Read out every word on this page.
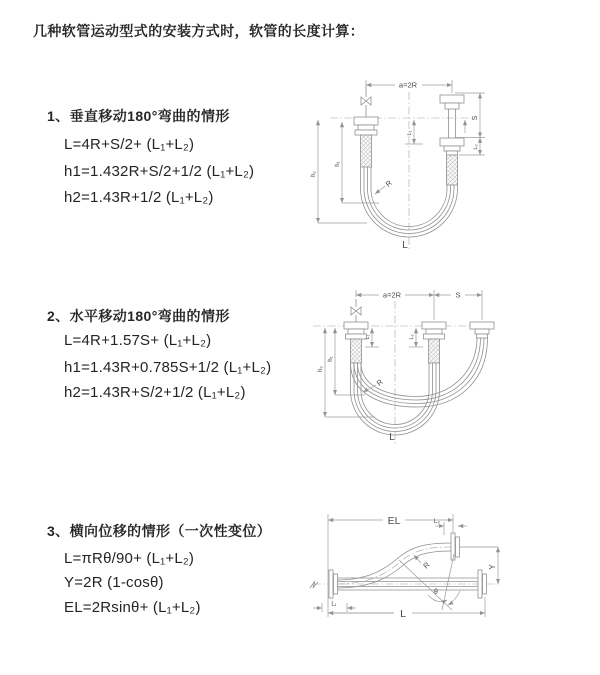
几种软管运动型式的安装方式时，软管的长度计算：
1、垂直移动180°弯曲的情形
L=4R+S/2+ (L₁+L₂)
h1=1.432R+S/2+1/2 (L₁+L₂)
h2=1.43R+1/2 (L₁+L₂)
2、水平移动180°弯曲的情形
L=4R+1.57S+ (L₁+L₂)
h1=1.43R+0.785S+1/2 (L₁+L₂)
h2=1.43R+S/2+1/2 (L₁+L₂)
3、横向位移的情形（一次性变位）
L=πRθ/90+ (L₁+L₂)
Y=2R (1-cosθ)
EL=2Rsinθ+ (L₁+L₂)
a=2R
S
L₂
L₁
h₂
h₁
R
L
a=2R	S
h₂
h₁
L₁	L₂
R
L
EL	L₂
Y
R
θ
L
L₁
